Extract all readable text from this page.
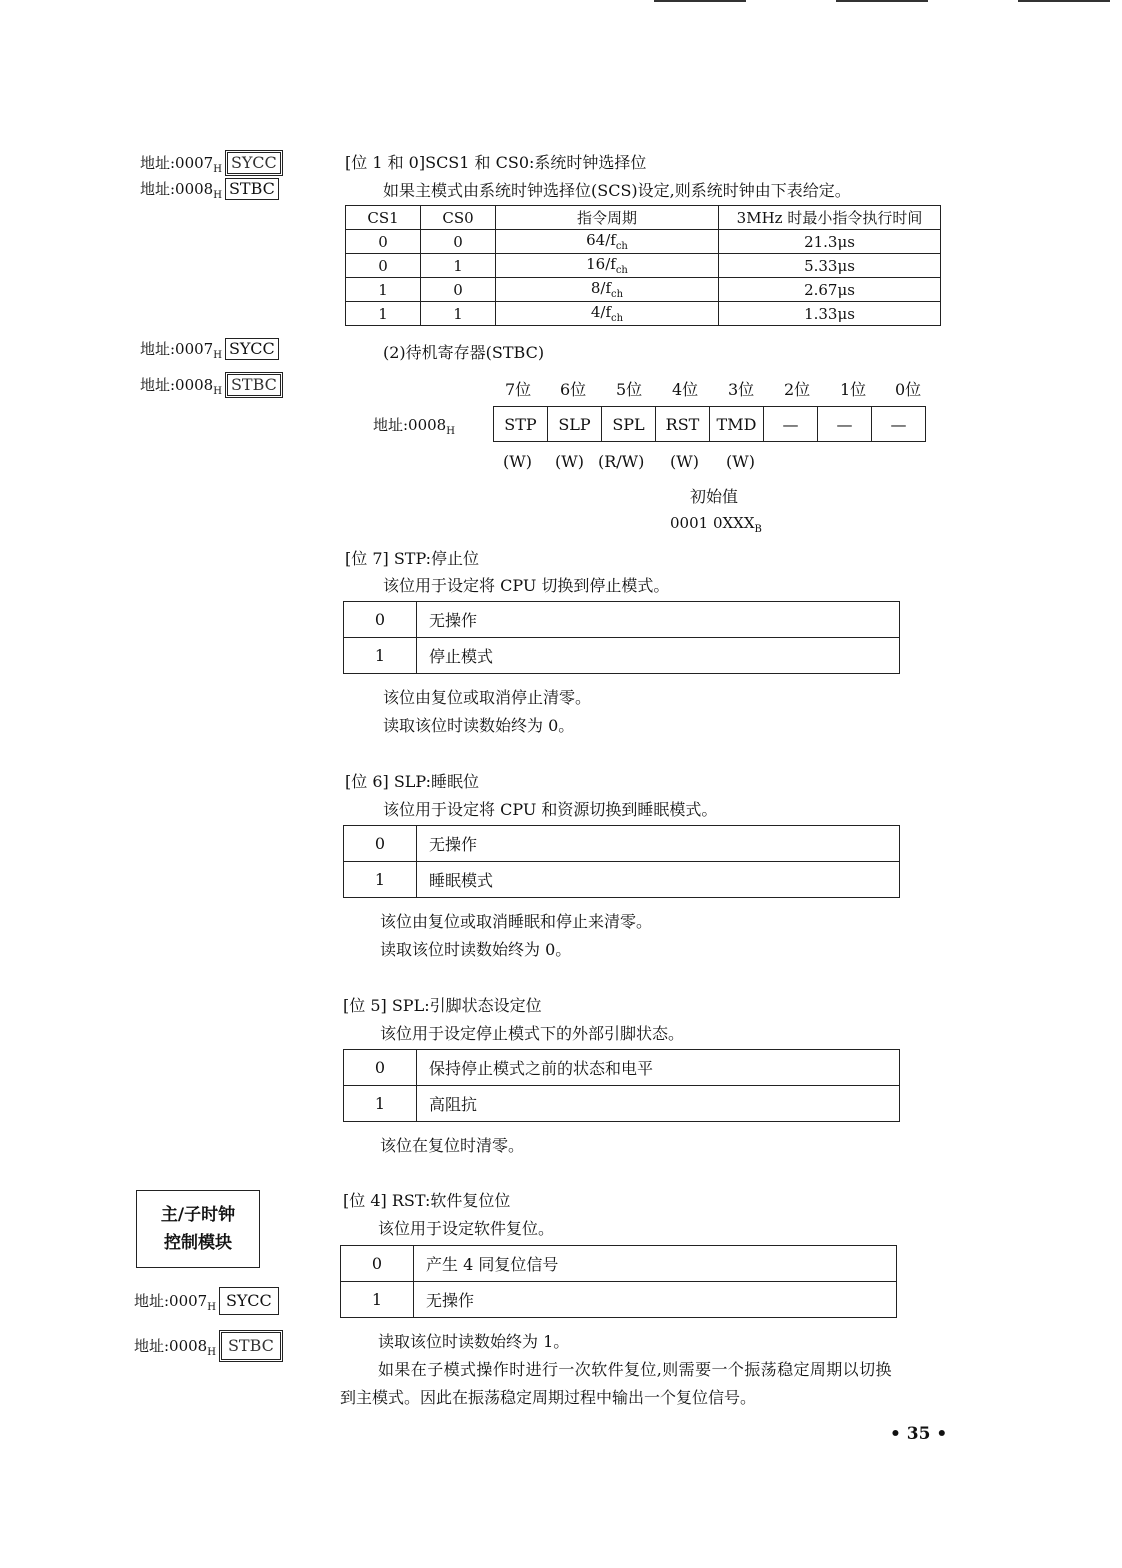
地址$:0007_H$ SYCC
地址$:0008_H$ STBC
地址$:0007_H$ SYCC
地址$:0008_H$ STBC
[位 1 和 0]SCS1 和 CS0:系统时钟选择位
如果主模式由系统时钟选择位(SCS)设定,则系统时钟由下表给定。
CS1	CS0	指令周期	3MHz 时最小指令执行时间
0	0	$64/f_{ch}$	21.3μs
0	1	$16/f_{ch}$	5.33μs
1	0	$8/f_{ch}$	2.67μs
1	1	$4/f_{ch}$	1.33μs
(2)待机寄存器(STBC)
7位 6位 5位 4位 3位 2位 1位 0位
地址$:0008_H$	STP	SLP	SPL	RST	TMD	—	—	—
(W) (W) (R/W) (W) (W)
初始值
0001 $0XXX_B$
[位 7] STP:停止位
该位用于设定将 CPU 切换到停止模式。
0	无操作
1	停止模式
该位由复位或取消停止清零。
读取该位时读数始终为 0。
[位 6] SLP:睡眠位
该位用于设定将 CPU 和资源切换到睡眠模式。
0	无操作
1	睡眠模式
该位由复位或取消睡眠和停止来清零。
读取该位时读数始终为 0。
[位 5] SPL:引脚状态设定位
该位用于设定停止模式下的外部引脚状态。
0	保持停止模式之前的状态和电平
1	高阻抗
该位在复位时清零。
主/子时钟
控制模块
地址$:0007_H$ SYCC
地址$:0008_H$ STBC
[位 4] RST:软件复位位
该位用于设定软件复位。
0	产生 4 同复位信号
1	无操作
读取该位时读数始终为 1。
如果在子模式操作时进行一次软件复位,则需要一个振荡稳定周期以切换
到主模式。因此在振荡稳定周期过程中输出一个复位信号。
• 35 •
